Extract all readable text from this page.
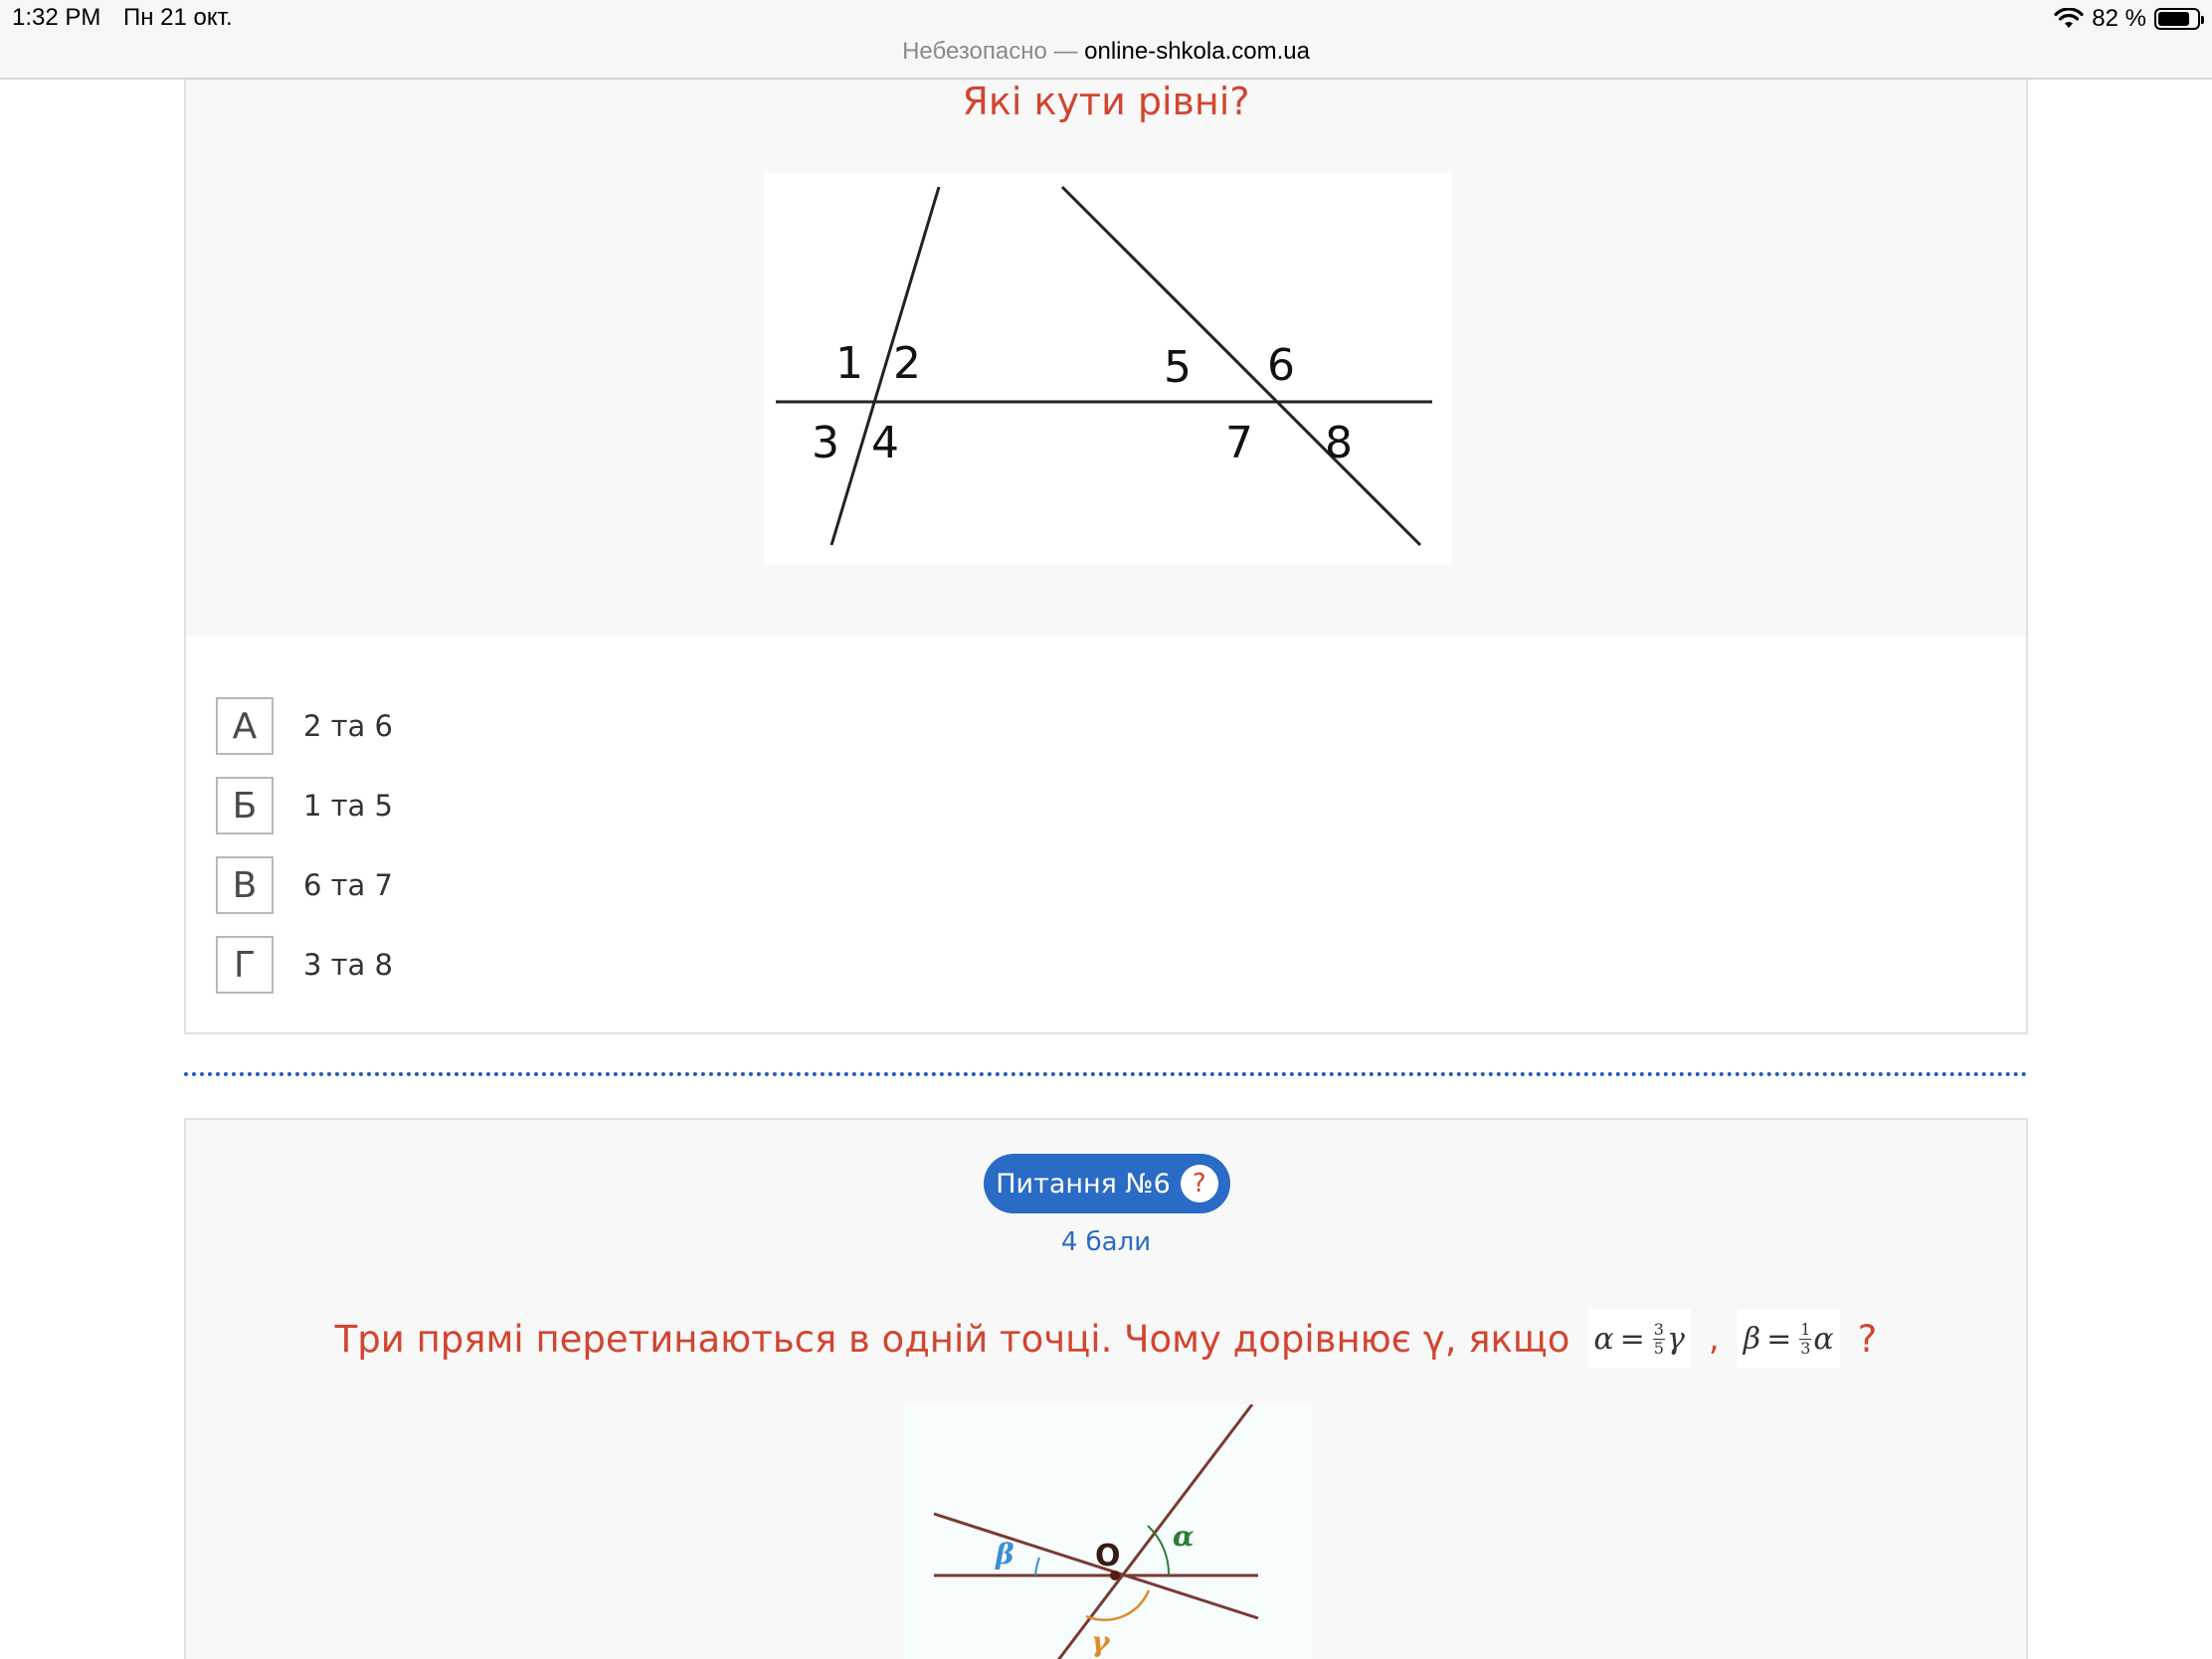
1:32 PM Пн 21 окт.	82 %
Небезопасно — online-shkola.com.ua
Які кути рівні?
1 2
3 4
5 6
7 8
А	2 та 6
Б	1 та 5
В	6 та 7
Г	3 та 8
Питання №6 ?
4 бали
Три прямі перетинаються в одній точці. Чому дорівнює γ, якщо $\alpha = \frac{3}{5}$ γ , $\beta = \frac{1}{3}$ α ?
O
α
β
γ
